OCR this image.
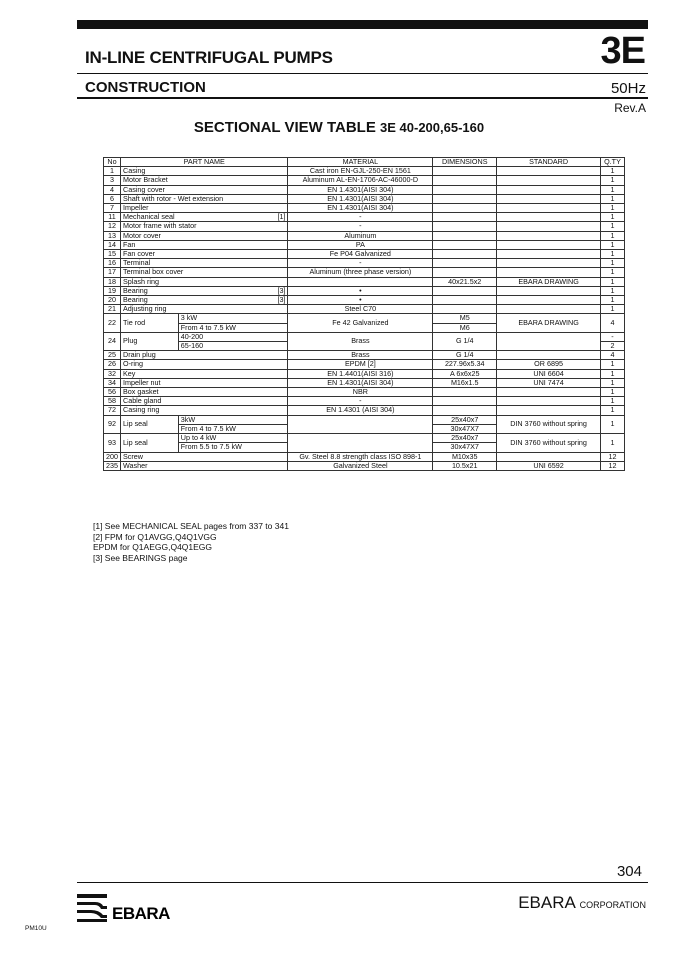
IN-LINE CENTRIFUGAL PUMPS	3E
CONSTRUCTION	50Hz
Rev.A
SECTIONAL VIEW TABLE 3E 40-200,65-160
No	PART NAME		MATERIAL	DIMENSIONS	STANDARD	Q.TY
1	Casing		Cast iron EN-GJL-250-EN 1561			1
3	Motor Bracket		Aluminum AL-EN-1706-AC-46000-D			1
4	Casing cover		EN 1.4301(AISI 304)			1
6	Shaft with rotor - Wet extension		EN 1.4301(AISI 304)			1
7	Impeller		EN 1.4301(AISI 304)			1
11	Mechanical seal [1]		-			1
12	Motor frame with stator		-			1
13	Motor cover		Aluminum			1
14	Fan		PA			1
15	Fan cover		Fe P04 Galvanized			1
16	Terminal		-			1
17	Terminal box cover		Aluminum (three phase version)			1
18	Splash ring			40x21.5x2	EBARA DRAWING	1
19	Bearing [3]		•			1
20	Bearing [3]		•			1
21	Adjusting ring		Steel C70			1
22	Tie rod	3 kW	Fe 42 Galvanized	M5	EBARA DRAWING	4
		From 4 to 7.5 kW		M6		
24	Plug	40-200	Brass	G 1/4		-
		65-160				2
25	Drain plug		Brass	G 1/4		4
26	O-ring		EPDM [2]	227.96x5.34	OR 6895	1
32	Key		EN 1.4401(AISI 316)	A 6x6x25	UNI 6604	1
34	Impeller nut		EN 1.4301(AISI 304)	M16x1.5	UNI 7474	1
56	Box gasket		NBR			1
58	Cable gland		-			1
72	Casing ring		EN 1.4301 (AISI 304)			1
92	Lip seal	3kW		25x40x7	DIN 3760 without spring	1
		From 4 to 7.5 kW		30x47X7		
93	Lip seal	Up to 4 kW		25x40x7	DIN 3760 without spring	1
		From 5.5 to 7.5 kW		30x47X7		
200	Screw		Gv. Steel 8.8 strength class ISO 898-1	M10x35		12
235	Washer		Galvanized Steel	10.5x21	UNI 6592	12
[1] See MECHANICAL SEAL pages from 337 to 341
[2] FPM for Q1AVGG,Q4Q1VGG
EPDM for Q1AEGG,Q4Q1EGG
[3] See BEARINGS page
304
EBARA
EBARA CORPORATION
PM10U
